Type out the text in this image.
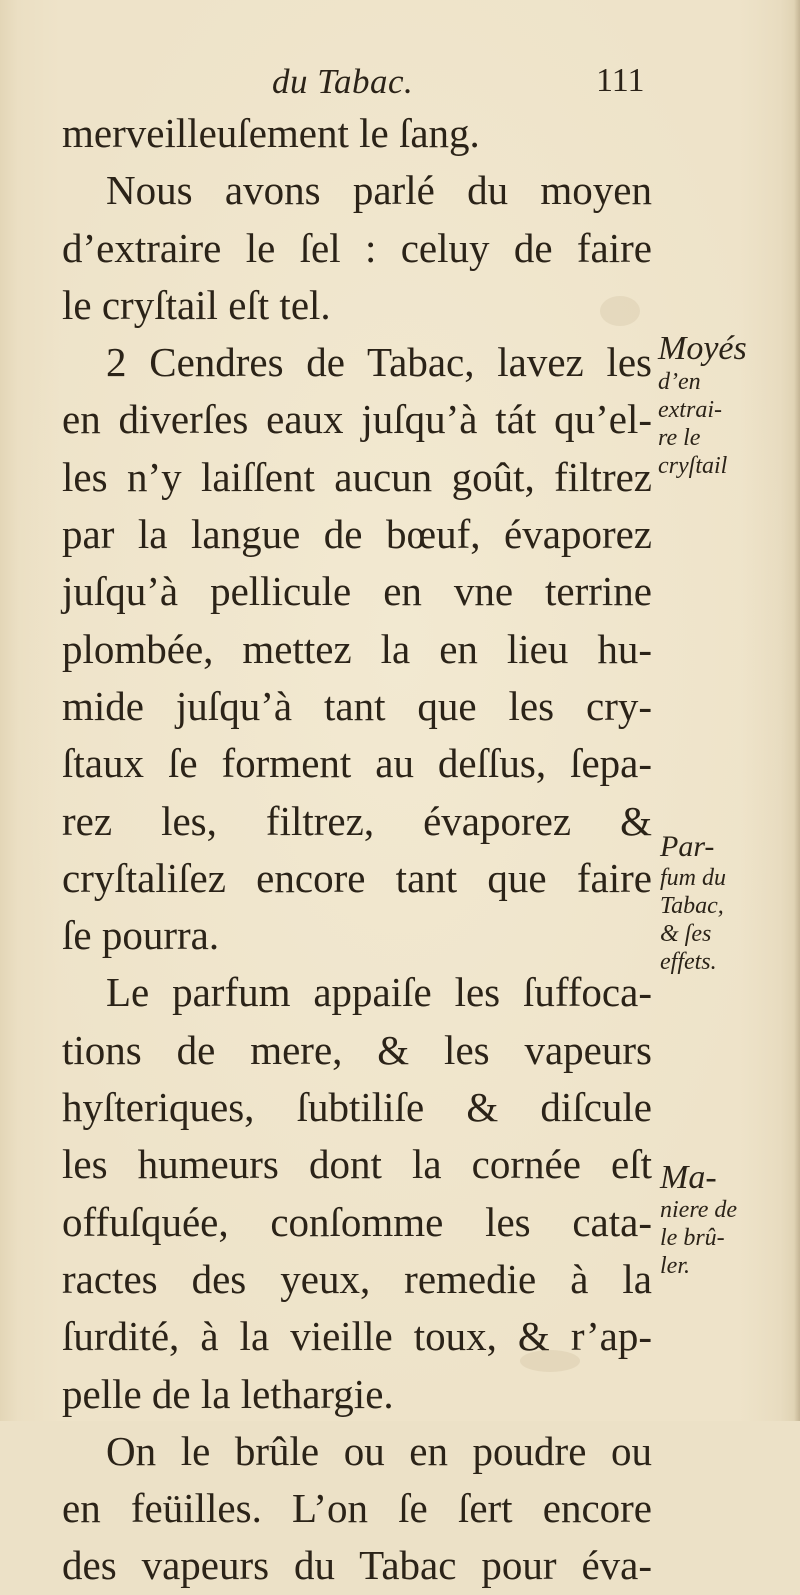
du Tabac.	111
merveilleuſement le ſang.
Nous avons parlé du moyen
d’extraire le ſel : celuy de faire
le cryſtail eſt tel.
2 Cendres de Tabac, lavez les
en diverſes eaux juſqu’à tát qu’el-
les n’y laiſſent aucun goût, filtrez
par la langue de bœuf, évaporez
juſqu’à pellicule en vne terrine
plombée, mettez la en lieu hu-
mide juſqu’à tant que les cry-
ſtaux ſe forment au deſſus, ſepa-
rez les, filtrez, évaporez &
cryſtaliſez encore tant que faire
ſe pourra.
Le parfum appaiſe les ſuffoca-
tions de mere, & les vapeurs
hyſteriques, ſubtiliſe & diſcule
les humeurs dont la cornée eſt
offuſquée, conſomme les cata-
ractes des yeux, remedie à la
ſurdité, à la vieille toux, & r’ap-
pelle de la lethargie.
On le brûle ou en poudre ou
en feüilles. L’on ſe ſert encore
des vapeurs du Tabac pour éva-
Moyés
d’en
extrai-
re le
cryſtail
Par-
fum du
Tabac,
& ſes
effets.
Ma-
niere de
le brû-
ler.
